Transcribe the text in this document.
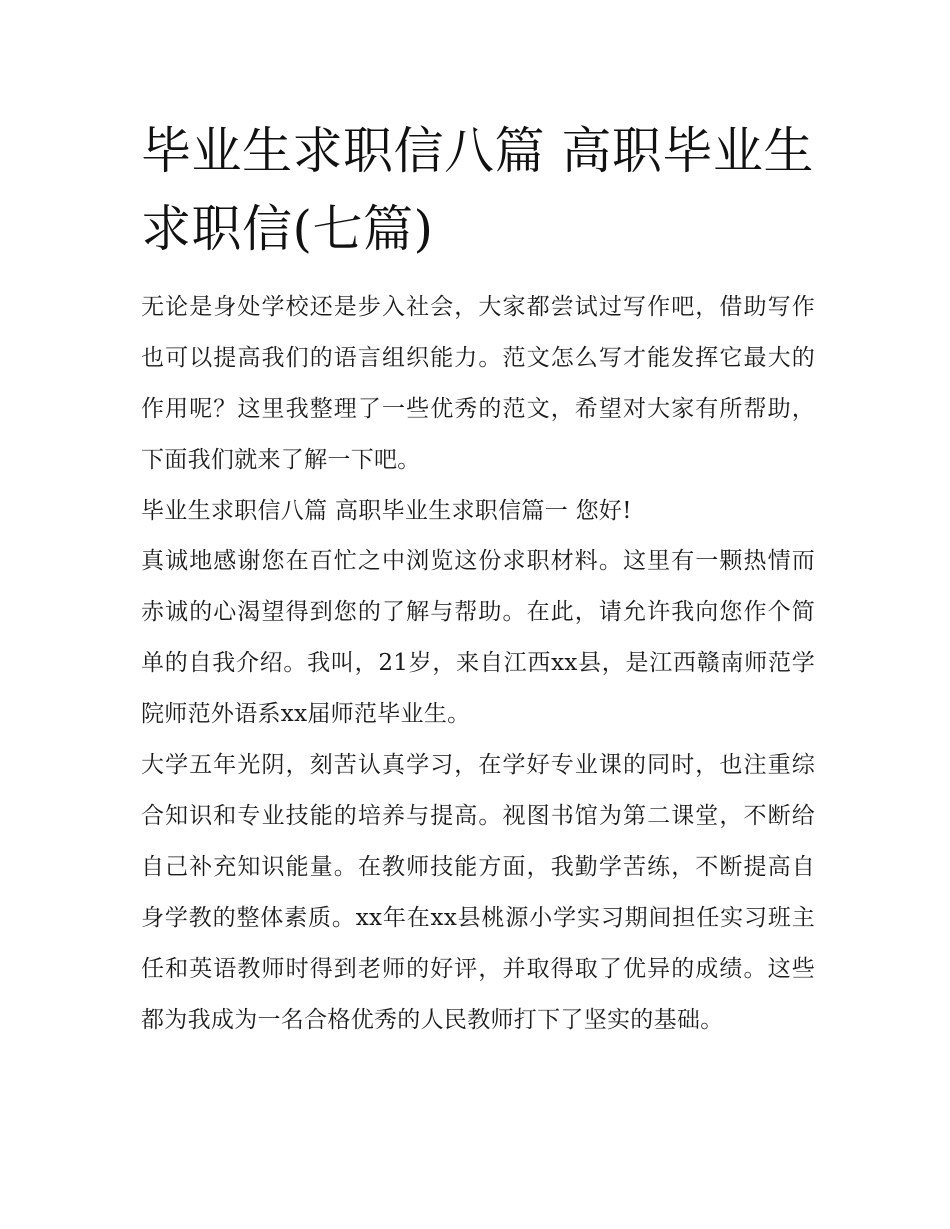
毕业生求职信八篇 高职毕业生求职信(七篇)

无论是身处学校还是步入社会，大家都尝试过写作吧，借助写作也可以提高我们的语言组织能力。范文怎么写才能发挥它最大的作用呢？这里我整理了一些优秀的范文，希望对大家有所帮助，下面我们就来了解一下吧。

毕业生求职信八篇 高职毕业生求职信篇一 您好!

真诚地感谢您在百忙之中浏览这份求职材料。这里有一颗热情而赤诚的心渴望得到您的了解与帮助。在此，请允许我向您作个简单的自我介绍。我叫，21岁，来自江西xx县，是江西赣南师范学院师范外语系xx届师范毕业生。

大学五年光阴，刻苦认真学习，在学好专业课的同时，也注重综合知识和专业技能的培养与提高。视图书馆为第二课堂，不断给自己补充知识能量。在教师技能方面，我勤学苦练，不断提高自身学教的整体素质。xx年在xx县桃源小学实习期间担任实习班主任和英语教师时得到老师的好评，并取得取了优异的成绩。这些都为我成为一名合格优秀的人民教师打下了坚实的基础。
